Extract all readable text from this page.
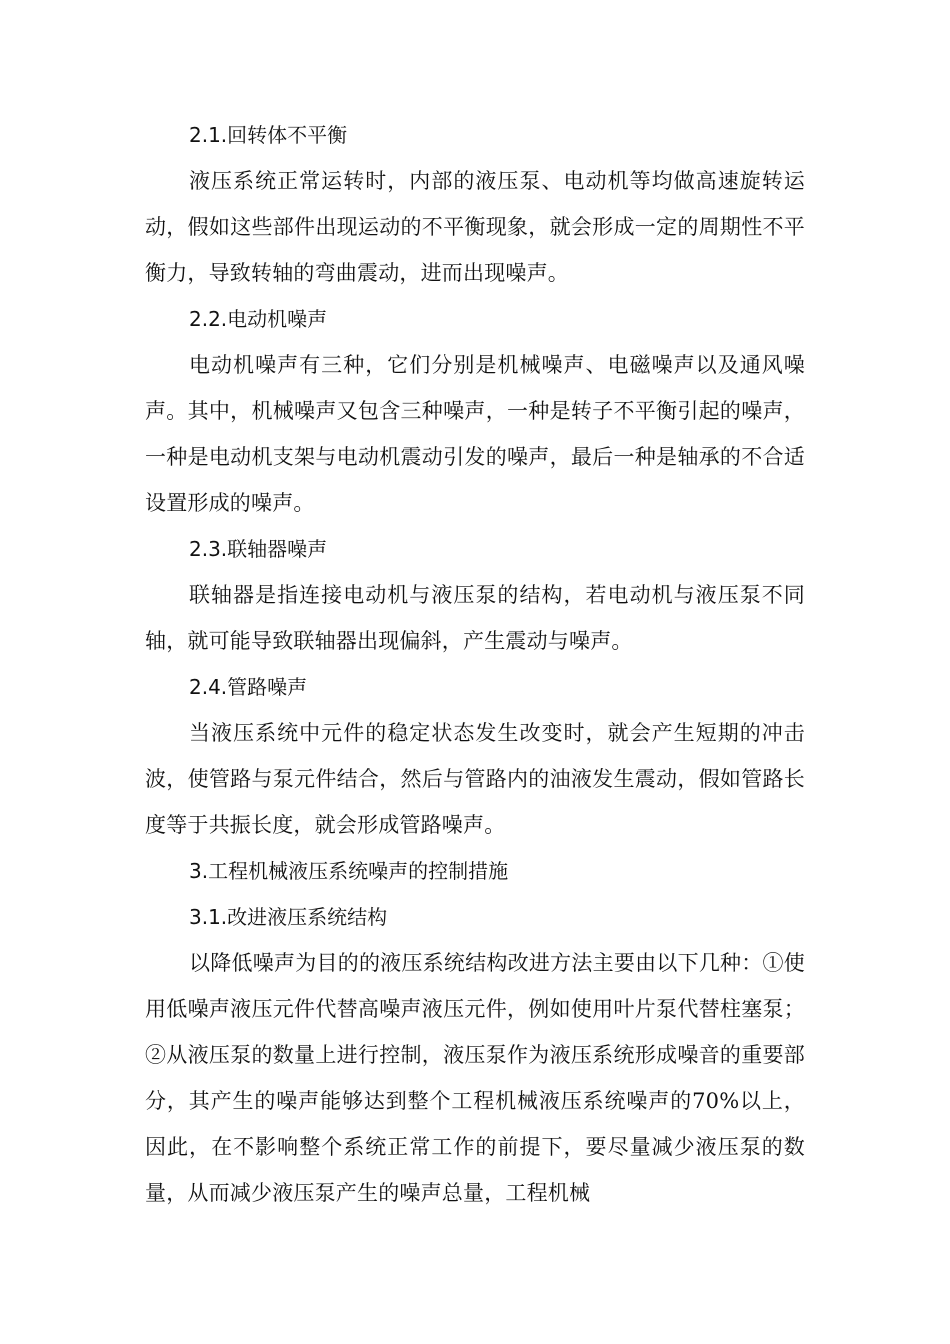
2.1.回转体不平衡

液压系统正常运转时，内部的液压泵、电动机等均做高速旋转运动，假如这些部件出现运动的不平衡现象，就会形成一定的周期性不平衡力，导致转轴的弯曲震动，进而出现噪声。

2.2.电动机噪声

电动机噪声有三种，它们分别是机械噪声、电磁噪声以及通风噪声。其中，机械噪声又包含三种噪声，一种是转子不平衡引起的噪声，一种是电动机支架与电动机震动引发的噪声，最后一种是轴承的不合适设置形成的噪声。

2.3.联轴器噪声

联轴器是指连接电动机与液压泵的结构，若电动机与液压泵不同轴，就可能导致联轴器出现偏斜，产生震动与噪声。

2.4.管路噪声

当液压系统中元件的稳定状态发生改变时，就会产生短期的冲击波，使管路与泵元件结合，然后与管路内的油液发生震动，假如管路长度等于共振长度，就会形成管路噪声。

3.工程机械液压系统噪声的控制措施

3.1.改进液压系统结构

以降低噪声为目的的液压系统结构改进方法主要由以下几种：①使用低噪声液压元件代替高噪声液压元件，例如使用叶片泵代替柱塞泵；②从液压泵的数量上进行控制，液压泵作为液压系统形成噪音的重要部分，其产生的噪声能够达到整个工程机械液压系统噪声的70%以上，因此，在不影响整个系统正常工作的前提下，要尽量减少液压泵的数量，从而减少液压泵产生的噪声总量，工程机械
